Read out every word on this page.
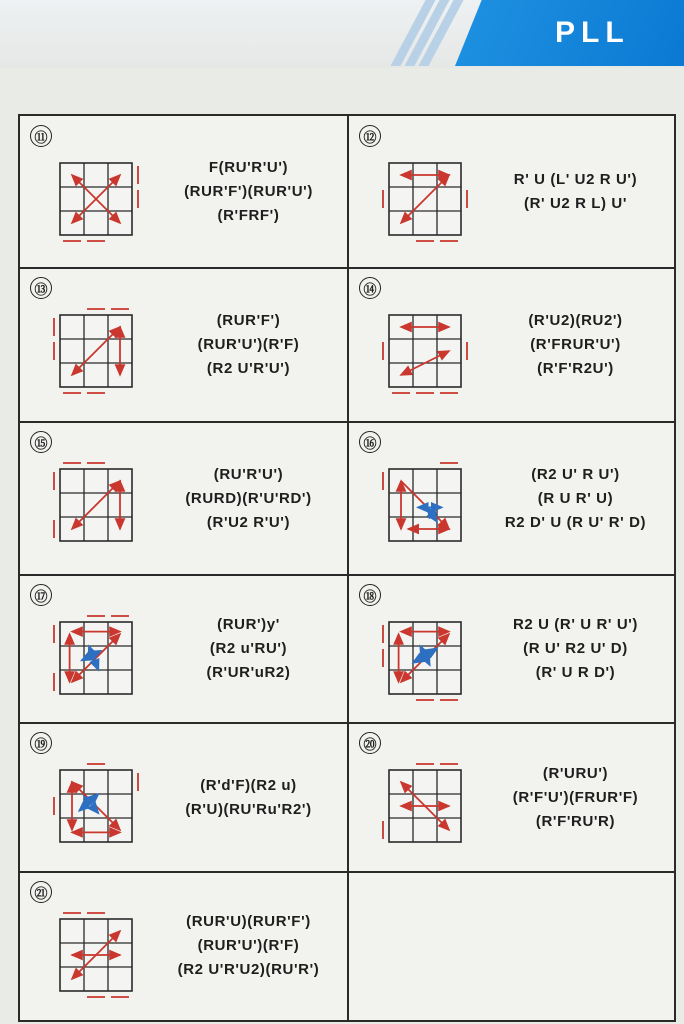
PLL
⑪
F(RU'R'U')
(RUR'F')(RUR'U')
(R'FRF')
⑫
R' U (L' U2 R U')
(R' U2 R L) U'
⑬
(RUR'F')
(RUR'U')(R'F)
(R2 U'R'U')
⑭
(R'U2)(RU2')
(R'FRUR'U')
(R'F'R2U')
⑮
(RU'R'U')
(RURD)(R'U'RD')
(R'U2 R'U')
⑯
(R2 U' R U')
(R U R' U)
R2 D' U (R U' R' D)
⑰
(RUR')y'
(R2 u'RU')
(R'UR'uR2)
⑱
R2 U (R' U R' U')
(R U' R2 U' D)
(R' U R D')
⑲
(R'd'F)(R2 u)
(R'U)(RU'Ru'R2')
⑳
(R'URU')
(R'F'U')(FRUR'F)
(R'F'RU'R)
㉑
(RUR'U)(RUR'F')
(RUR'U')(R'F)
(R2 U'R'U2)(RU'R')
